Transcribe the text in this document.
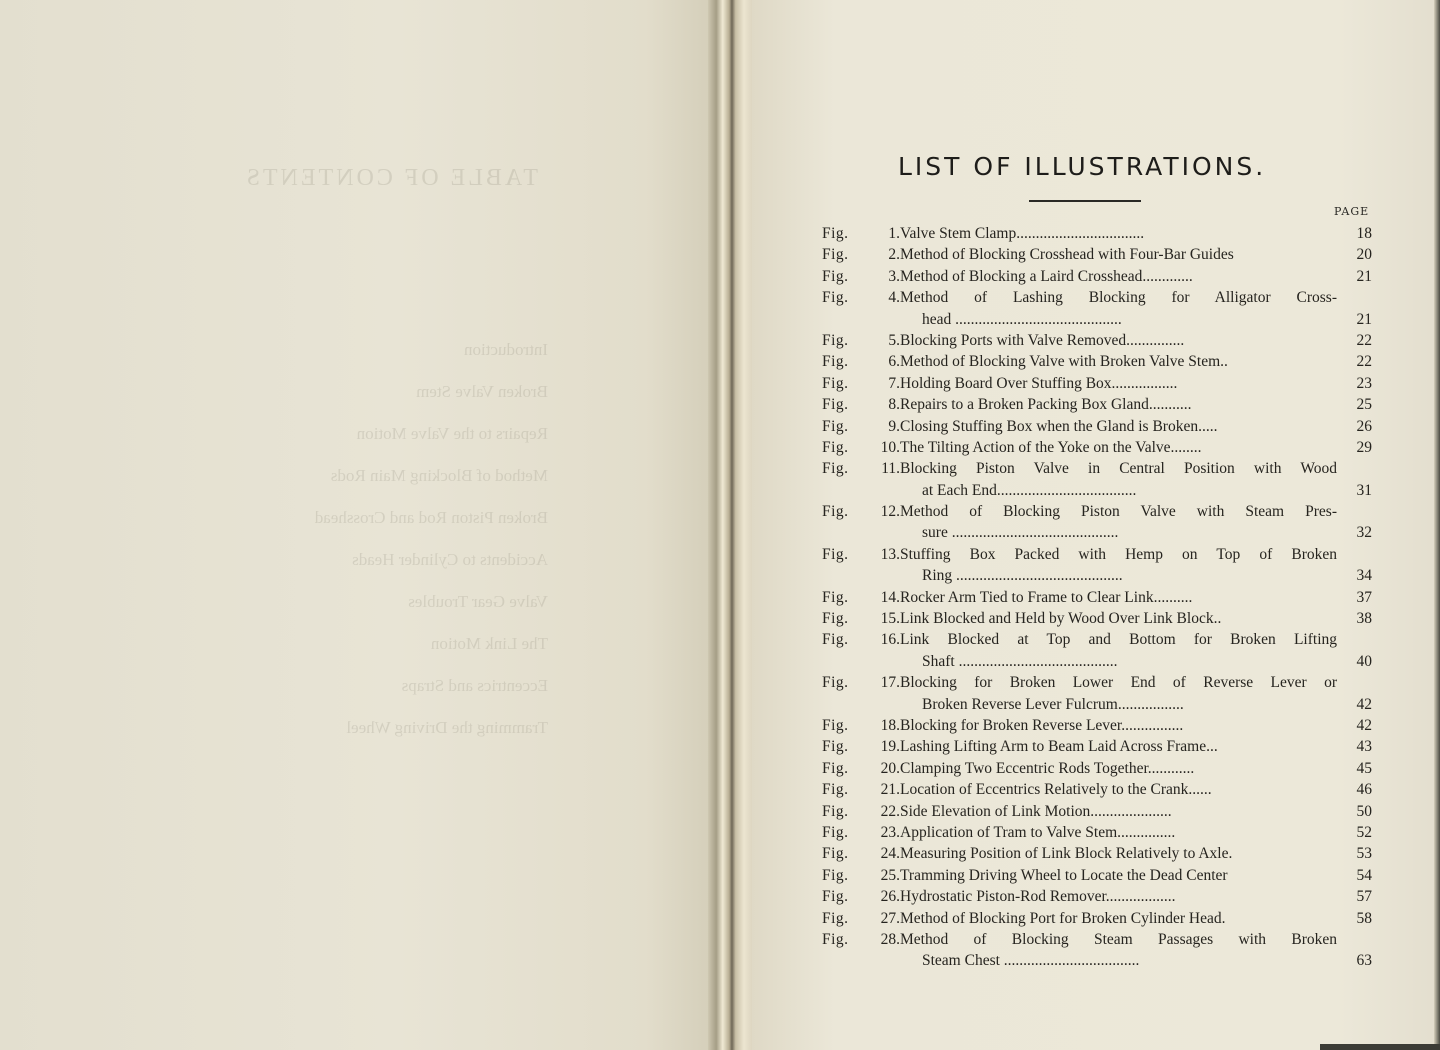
TABLE OF CONTENTS
Introduction
Broken Valve Stem
Repairs to the Valve Motion
Method of Blocking Main Rods
Broken Piston Rod and Crosshead
Accidents to Cylinder Heads
Valve Gear Troubles
The Link Motion
Eccentrics and Straps
Tramming the Driving Wheel
LIST OF ILLUSTRATIONS.
PAGE
Fig.	1. Valve Stem Clamp.................................	18
Fig.	2. Method of Blocking Crosshead with Four-Bar Guides	20
Fig.	3. Method of Blocking a Laird Crosshead.............	21
Fig.	4. Method of Lashing Blocking for Alligator Cross-
head ...........................................	21
Fig.	5. Blocking Ports with Valve Removed...............	22
Fig.	6. Method of Blocking Valve with Broken Valve Stem..	22
Fig.	7. Holding Board Over Stuffing Box.................	23
Fig.	8. Repairs to a Broken Packing Box Gland...........	25
Fig.	9. Closing Stuffing Box when the Gland is Broken.....	26
Fig. 10. The Tilting Action of the Yoke on the Valve........	29
Fig. 11. Blocking Piston Valve in Central Position with Wood
at Each End....................................	31
Fig. 12. Method of Blocking Piston Valve with Steam Pres-
sure ...........................................	32
Fig. 13. Stuffing Box Packed with Hemp on Top of Broken
Ring ...........................................	34
Fig. 14. Rocker Arm Tied to Frame to Clear Link..........	37
Fig. 15. Link Blocked and Held by Wood Over Link Block..	38
Fig. 16. Link Blocked at Top and Bottom for Broken Lifting
Shaft .........................................	40
Fig. 17. Blocking for Broken Lower End of Reverse Lever or
Broken Reverse Lever Fulcrum.................	42
Fig. 18. Blocking for Broken Reverse Lever................	42
Fig. 19. Lashing Lifting Arm to Beam Laid Across Frame...	43
Fig. 20. Clamping Two Eccentric Rods Together............	45
Fig. 21. Location of Eccentrics Relatively to the Crank......	46
Fig. 22. Side Elevation of Link Motion.....................	50
Fig. 23. Application of Tram to Valve Stem...............	52
Fig. 24. Measuring Position of Link Block Relatively to Axle.	53
Fig. 25. Tramming Driving Wheel to Locate the Dead Center	54
Fig. 26. Hydrostatic Piston-Rod Remover..................	57
Fig. 27. Method of Blocking Port for Broken Cylinder Head.	58
Fig. 28. Method of Blocking Steam Passages with Broken
Steam Chest ...................................	63
